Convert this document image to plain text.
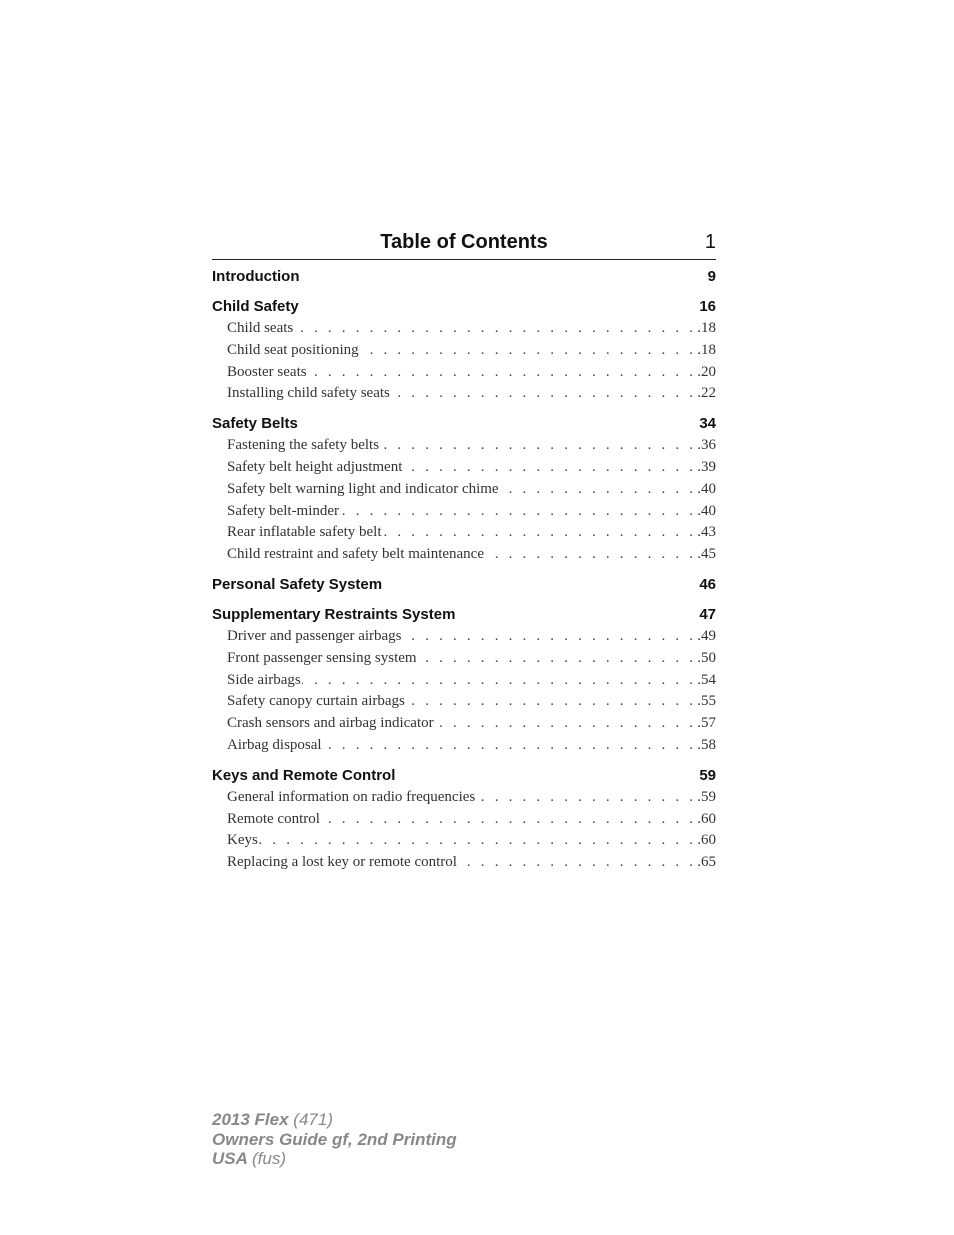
Table of Contents	1
Introduction	9
Child Safety	16
Child seats . . .	.18
Child seat positioning . . .	.18
Booster seats . . .	.20
Installing child safety seats . . .	.22
Safety Belts	34
Fastening the safety belts . . .	.36
Safety belt height adjustment . . .	.39
Safety belt warning light and indicator chime . . .	.40
Safety belt-minder . . .	.40
Rear inflatable safety belt . . .	.43
Child restraint and safety belt maintenance . . .	.45
Personal Safety System	46
Supplementary Restraints System	47
Driver and passenger airbags . . .	.49
Front passenger sensing system . . .	.50
Side airbags . . .	.54
Safety canopy curtain airbags . . .	.55
Crash sensors and airbag indicator . . .	.57
Airbag disposal . . .	.58
Keys and Remote Control	59
General information on radio frequencies . . .	.59
Remote control . . .	.60
Keys . . .	.60
Replacing a lost key or remote control . . .	.65
2013 Flex (471)
Owners Guide gf, 2nd Printing
USA (fus)
